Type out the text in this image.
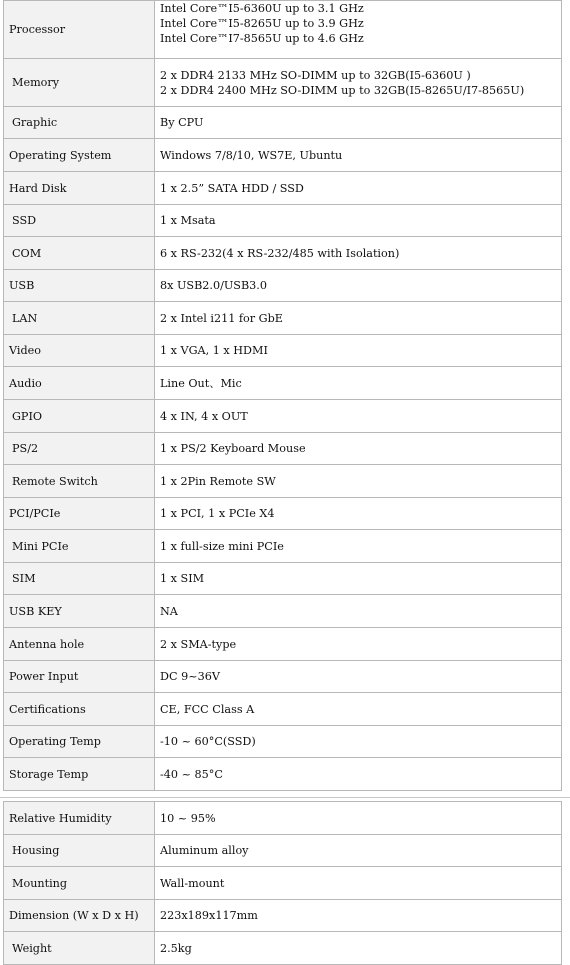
Processor	Intel Core™I5-6360U up to 3.1 GHz
Intel Core™I5-8265U up to 3.9 GHz
Intel Core™I7-8565U up to 4.6 GHz

Memory	2 x DDR4 2133 MHz SO-DIMM up to 32GB(I5-6360U )
2 x DDR4 2400 MHz SO-DIMM up to 32GB(I5-8265U/I7-8565U)

Graphic	By CPU

Operating System	Windows 7/8/10, WS7E, Ubuntu

Hard Disk	1 x 2.5” SATA HDD / SSD

SSD	1 x Msata

COM	6 x RS-232(4 x RS-232/485 with Isolation)

USB	8x USB2.0/USB3.0

LAN	2 x Intel i211 for GbE

Video	1 x VGA, 1 x HDMI

Audio	Line Out、Mic

GPIO	4 x IN, 4 x OUT

PS/2	1 x PS/2 Keyboard Mouse

Remote Switch	1 x 2Pin Remote SW

PCI/PCIe	1 x PCI, 1 x PCIe X4

Mini PCIe	1 x full-size mini PCIe

SIM	1 x SIM

USB KEY	NA

Antenna hole	2 x SMA-type

Power Input	DC 9~36V

Certifications	CE, FCC Class A

Operating Temp	-10 ~ 60°C(SSD)

Storage Temp	-40 ~ 85°C
Relative Humidity	10 ~ 95%

Housing	Aluminum alloy

Mounting	Wall-mount

Dimension (W x D x H)	223x189x117mm

Weight	2.5kg
